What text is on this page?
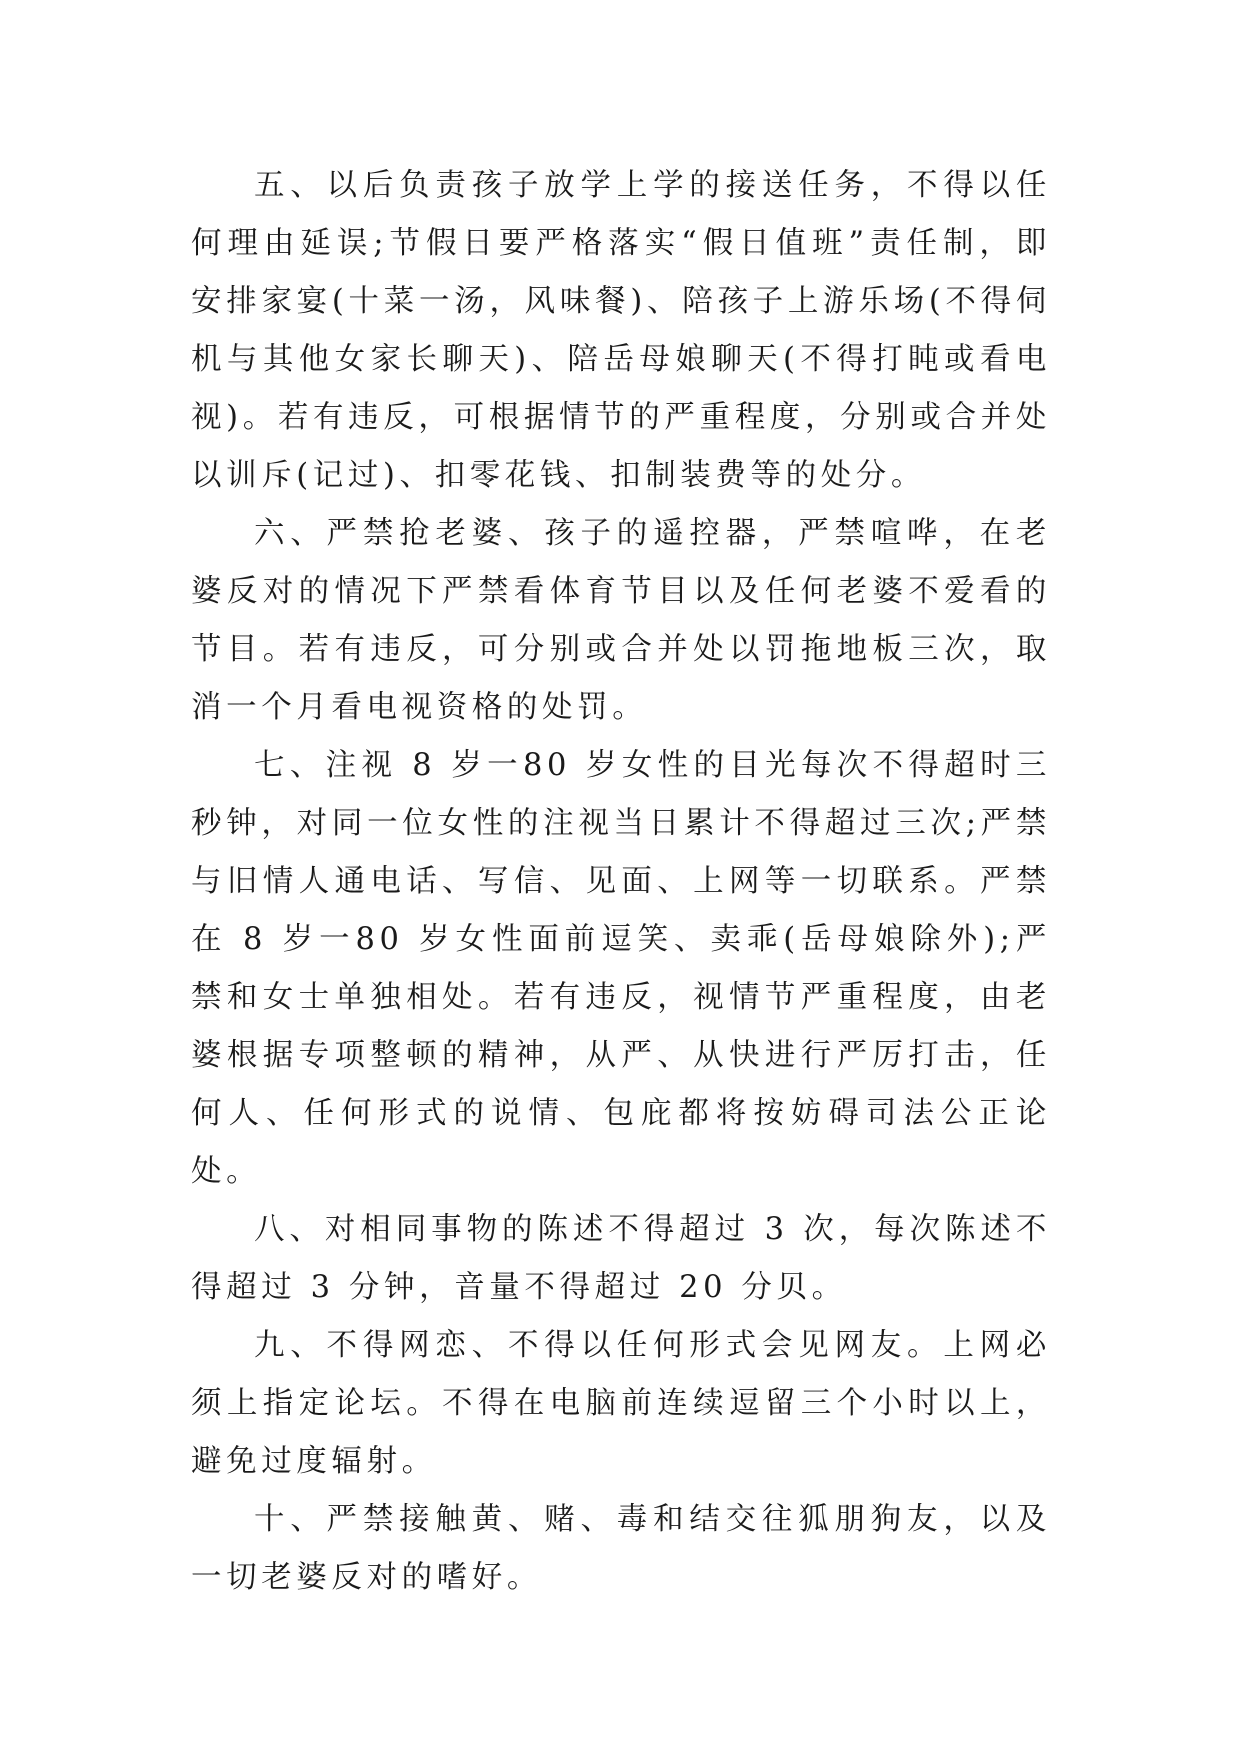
五、以后负责孩子放学上学的接送任务，不得以任何理由延误;节假日要严格落实“假日值班”责任制，即安排家宴(十菜一汤，风味餐)、陪孩子上游乐场(不得伺机与其他女家长聊天)、陪岳母娘聊天(不得打盹或看电视)。若有违反，可根据情节的严重程度，分别或合并处以训斥(记过)、扣零花钱、扣制装费等的处分。

六、严禁抢老婆、孩子的遥控器，严禁喧哗，在老婆反对的情况下严禁看体育节目以及任何老婆不爱看的节目。若有违反，可分别或合并处以罚拖地板三次，取消一个月看电视资格的处罚。

七、注视 8 岁一80 岁女性的目光每次不得超时三秒钟，对同一位女性的注视当日累计不得超过三次;严禁与旧情人通电话、写信、见面、上网等一切联系。严禁在 8 岁一80 岁女性面前逗笑、卖乖(岳母娘除外);严禁和女士单独相处。若有违反，视情节严重程度，由老婆根据专项整顿的精神，从严、从快进行严厉打击，任何人、任何形式的说情、包庇都将按妨碍司法公正论处。

八、对相同事物的陈述不得超过 3 次，每次陈述不得超过 3 分钟，音量不得超过 20 分贝。

九、不得网恋、不得以任何形式会见网友。上网必须上指定论坛。不得在电脑前连续逗留三个小时以上，避免过度辐射。

十、严禁接触黄、赌、毒和结交往狐朋狗友，以及一切老婆反对的嗜好。
